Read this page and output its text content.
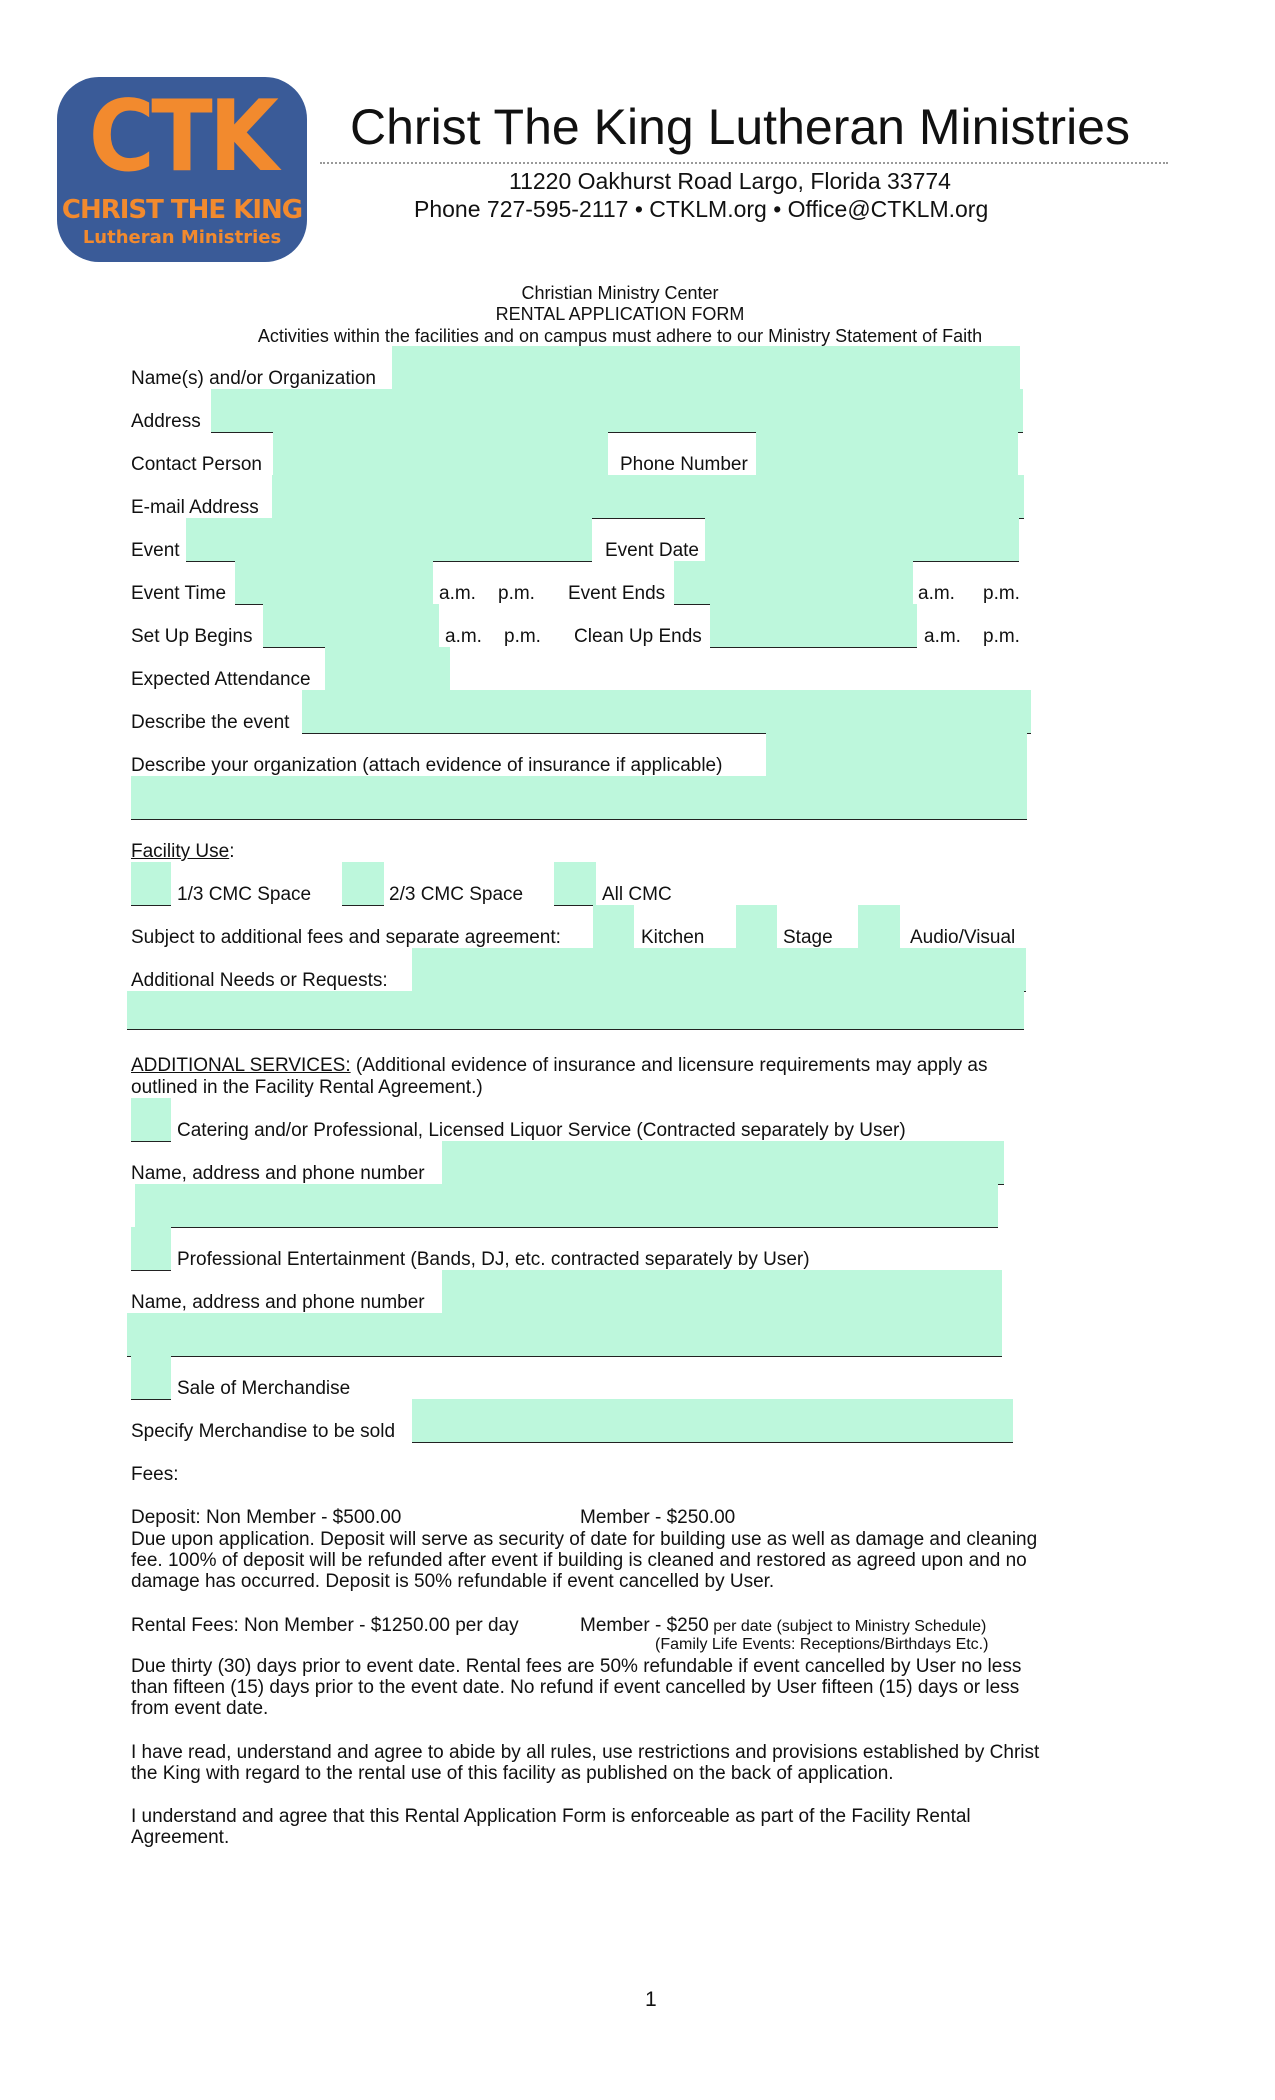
CTK
CHRIST THE KING
Lutheran Ministries
Christ The King Lutheran Ministries
11220 Oakhurst Road Largo, Florida 33774
Phone 727-595-2117 • CTKLM.org • Office@CTKLM.org
Christian Ministry Center
RENTAL APPLICATION FORM
Activities within the facilities and on campus must adhere to our Ministry Statement of Faith
Name(s) and/or Organization
Address
Contact Person	Phone Number
E-mail Address
Event	Event Date
Event Time	a.m. p.m. Event Ends	a.m. p.m.
Set Up Begins	a.m. p.m. Clean Up Ends	a.m. p.m.
Expected Attendance
Describe the event
Describe your organization (attach evidence of insurance if applicable)
Facility Use:
1/3 CMC Space	2/3 CMC Space	All CMC
Subject to additional fees and separate agreement:	Kitchen	Stage	Audio/Visual
Additional Needs or Requests:
ADDITIONAL SERVICES: (Additional evidence of insurance and licensure requirements may apply as
outlined in the Facility Rental Agreement.)
Catering and/or Professional, Licensed Liquor Service (Contracted separately by User)
Name, address and phone number
Professional Entertainment (Bands, DJ, etc. contracted separately by User)
Name, address and phone number
Sale of Merchandise
Specify Merchandise to be sold
Fees:
Deposit: Non Member - $500.00	Member - $250.00
Due upon application. Deposit will serve as security of date for building use as well as damage and cleaning
fee. 100% of deposit will be refunded after event if building is cleaned and restored as agreed upon and no
damage has occurred. Deposit is 50% refundable if event cancelled by User.
Rental Fees: Non Member - $1250.00 per day	Member - $250 per date (subject to Ministry Schedule)
(Family Life Events: Receptions/Birthdays Etc.)
Due thirty (30) days prior to event date. Rental fees are 50% refundable if event cancelled by User no less
than fifteen (15) days prior to the event date. No refund if event cancelled by User fifteen (15) days or less
from event date.
I have read, understand and agree to abide by all rules, use restrictions and provisions established by Christ
the King with regard to the rental use of this facility as published on the back of application.
I understand and agree that this Rental Application Form is enforceable as part of the Facility Rental
Agreement.
1
